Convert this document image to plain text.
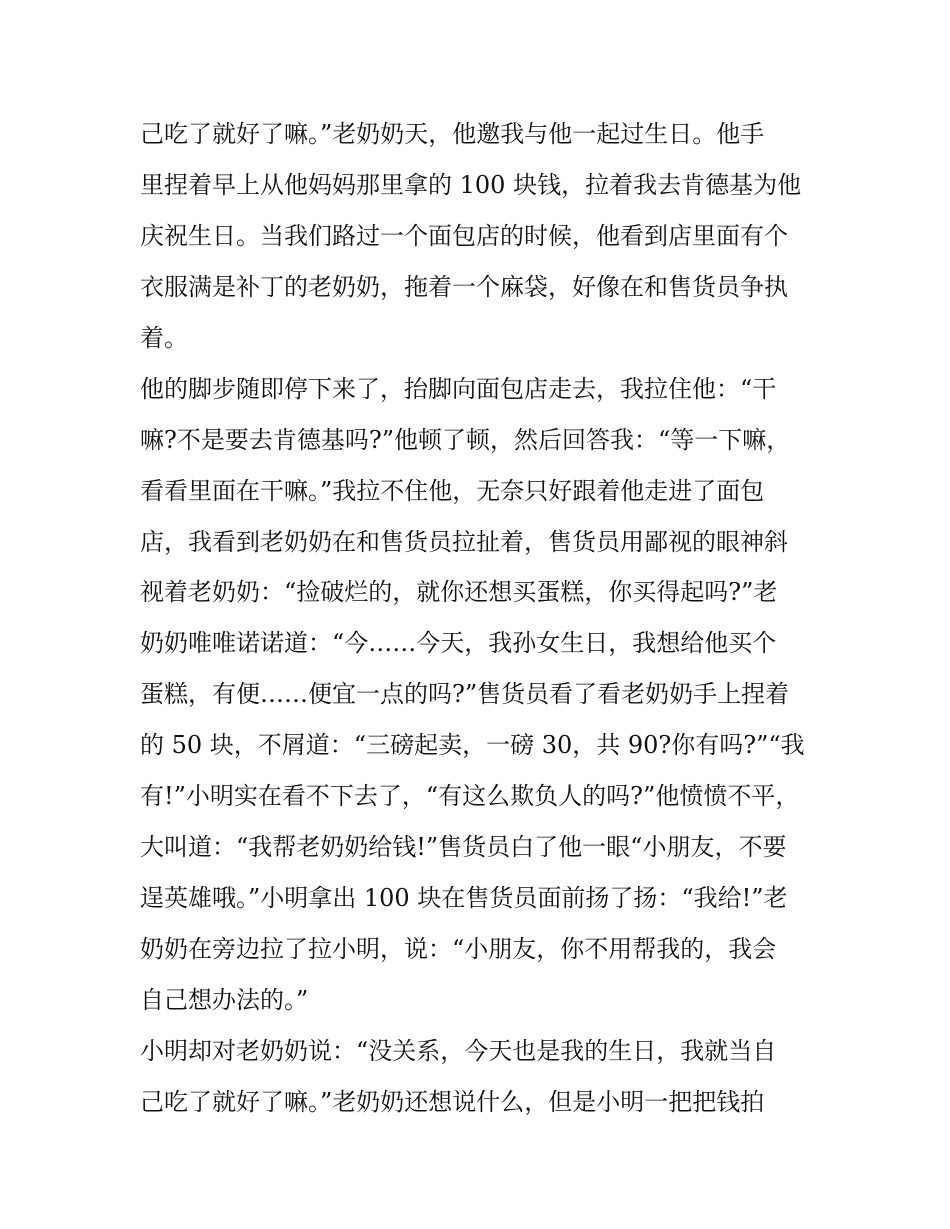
己吃了就好了嘛。”老奶奶天，他邀我与他一起过生日。他手
里捏着早上从他妈妈那里拿的 100 块钱，拉着我去肯德基为他
庆祝生日。当我们路过一个面包店的时候，他看到店里面有个
衣服满是补丁的老奶奶，拖着一个麻袋，好像在和售货员争执
着。
他的脚步随即停下来了，抬脚向面包店走去，我拉住他：“干
嘛?不是要去肯德基吗?”他顿了顿，然后回答我：“等一下嘛，
看看里面在干嘛。”我拉不住他，无奈只好跟着他走进了面包
店，我看到老奶奶在和售货员拉扯着，售货员用鄙视的眼神斜
视着老奶奶：“捡破烂的，就你还想买蛋糕，你买得起吗?”老
奶奶唯唯诺诺道：“今……今天，我孙女生日，我想给他买个
蛋糕，有便……便宜一点的吗?”售货员看了看老奶奶手上捏着
的 50 块，不屑道：“三磅起卖，一磅 30，共 90?你有吗?”“我
有!”小明实在看不下去了，“有这么欺负人的吗?”他愤愤不平，
大叫道：“我帮老奶奶给钱!”售货员白了他一眼“小朋友，不要
逞英雄哦。”小明拿出 100 块在售货员面前扬了扬：“我给!”老
奶奶在旁边拉了拉小明，说：“小朋友，你不用帮我的，我会
自己想办法的。”
小明却对老奶奶说：“没关系，今天也是我的生日，我就当自
己吃了就好了嘛。”老奶奶还想说什么，但是小明一把把钱拍
